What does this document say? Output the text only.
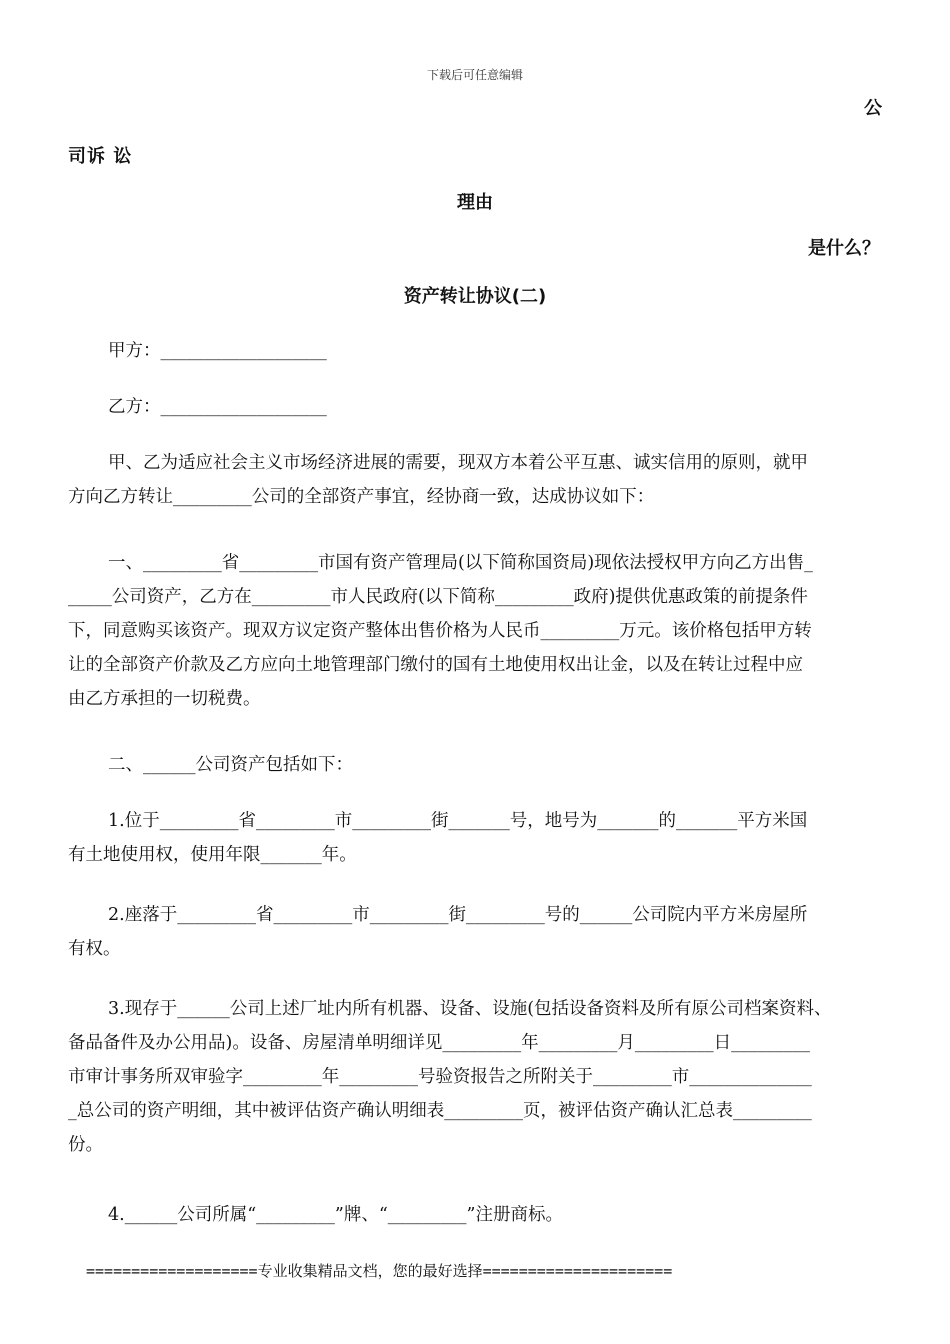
下载后可任意编辑
公
司诉 讼
理由
是什么？
资产转让协议(二)
甲方：___________________
乙方：___________________
甲、乙为适应社会主义市场经济进展的需要，现双方本着公平互惠、诚实信用的原则，就甲
方向乙方转让_________公司的全部资产事宜，经协商一致，达成协议如下：
一、_________省_________市国有资产管理局(以下简称国资局)现依法授权甲方向乙方出售_
_____公司资产，乙方在_________市人民政府(以下简称_________政府)提供优惠政策的前提条件
下，同意购买该资产。现双方议定资产整体出售价格为人民币_________万元。该价格包括甲方转
让的全部资产价款及乙方应向土地管理部门缴付的国有土地使用权出让金，以及在转让过程中应
由乙方承担的一切税费。
二、______公司资产包括如下：
1.位于_________省_________市_________街_______号，地号为_______的_______平方米国
有土地使用权，使用年限_______年。
2.座落于_________省_________市_________街_________号的______公司院内平方米房屋所
有权。
3.现存于______公司上述厂址内所有机器、设备、设施(包括设备资料及所有原公司档案资料、
备品备件及办公用品)。设备、房屋清单明细详见_________年_________月_________日_________
市审计事务所双审验字_________年_________号验资报告之所附关于_________市______________
_总公司的资产明细，其中被评估资产确认明细表_________页，被评估资产确认汇总表_________
份。
4.______公司所属“_________”牌、“_________”注册商标。
===================专业收集精品文档，您的最好选择=====================
